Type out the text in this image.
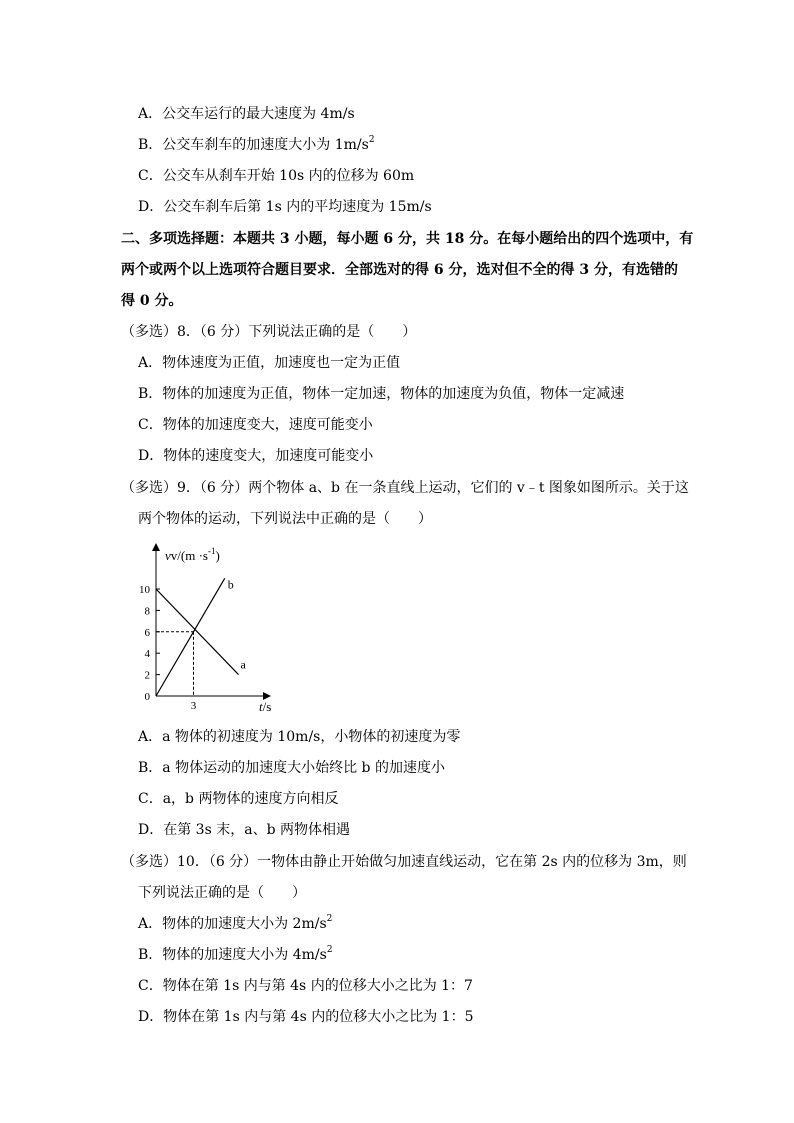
A．公交车运行的最大速度为 4m/s
B．公交车刹车的加速度大小为 $1m/s^2$
C．公交车从刹车开始 10s 内的位移为 60m
D．公交车刹车后第 1s 内的平均速度为 15m/s
二、多项选择题：本题共 3 小题，每小题 6 分，共 18 分。在每小题给出的四个选项中，有
两个或两个以上选项符合题目要求．全部选对的得 6 分，选对但不全的得 3 分，有选错的
得 0 分。
（多选）8．（6 分）下列说法正确的是（　　）
A．物体速度为正值，加速度也一定为正值
B．物体的加速度为正值，物体一定加速，物体的加速度为负值，物体一定减速
C．物体的加速度变大，速度可能变小
D．物体的速度变大，加速度可能变小
（多选）9．（6 分）两个物体 a、b 在一条直线上运动，它们的 v﹣t 图象如图所示。关于这
两个物体的运动，下列说法中正确的是（　　）
$vv/(m \cdot s^{-1})$
t/s
0
2
4
6
8
10
3
a
b
A．a 物体的初速度为 10m/s，小物体的初速度为零
B．a 物体运动的加速度大小始终比 b 的加速度小
C．a，b 两物体的速度方向相反
D．在第 3s 末，a、b 两物体相遇
（多选）10．（6 分）一物体由静止开始做匀加速直线运动，它在第 2s 内的位移为 3m，则
下列说法正确的是（　　）
A．物体的加速度大小为 $2m/s^2$
B．物体的加速度大小为 $4m/s^2$
C．物体在第 1s 内与第 4s 内的位移大小之比为 1：7
D．物体在第 1s 内与第 4s 内的位移大小之比为 1：5
